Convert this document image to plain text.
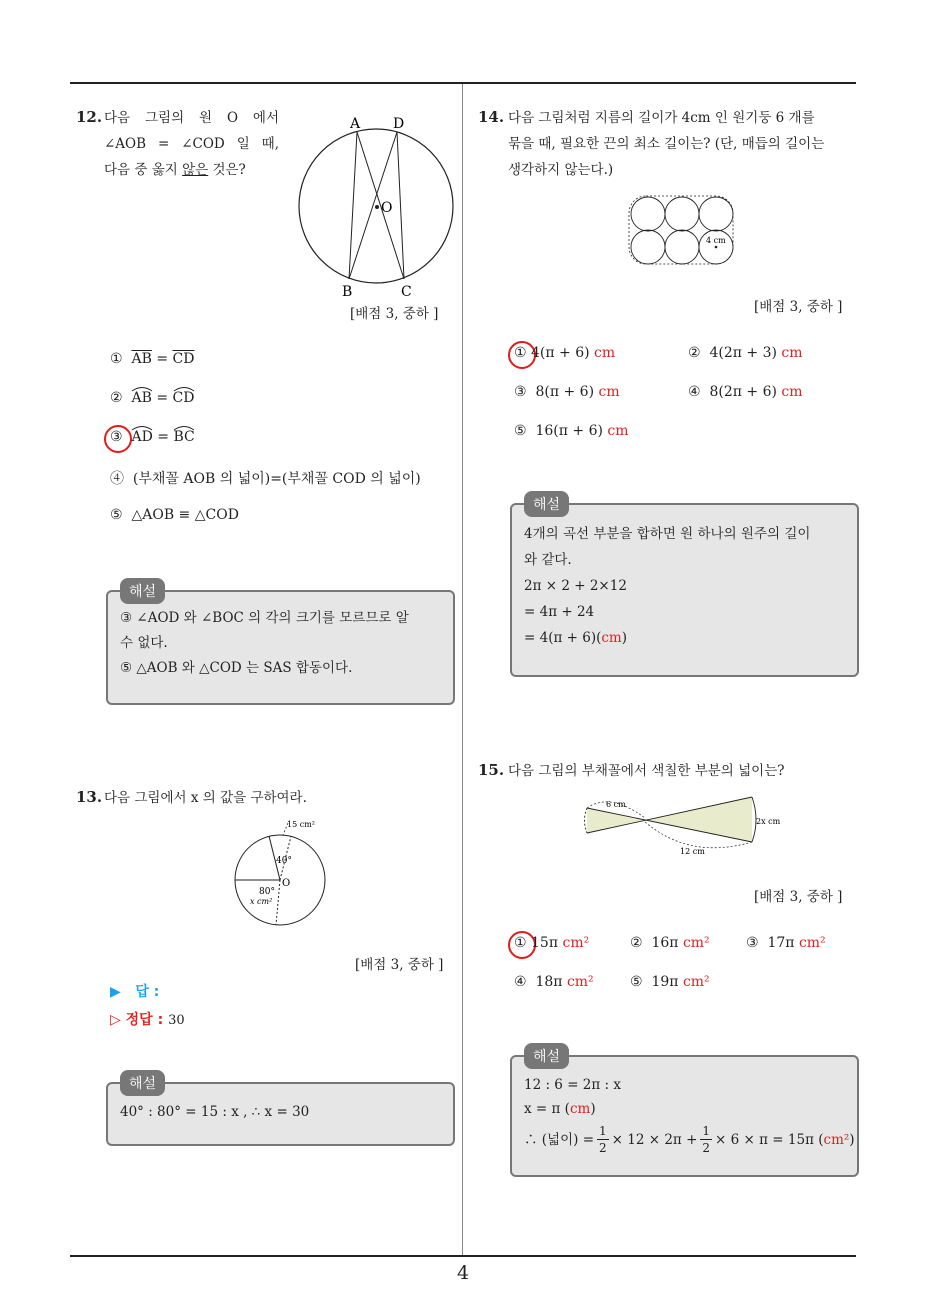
4
12. 다음 그림의 원 O 에서
∠AOB = ∠COD 일 때,
다음 중 옳지 않은 것은?
A D
O
B	C
[배점 3, 중하 ]
① $\overline{AB} = \overline{CD}$
② AB
= CD
③ AD
= BC
④ (부채꼴 AOB 의 넓이)=(부채꼴 COD 의 넓이)
⑤ △AOB ≡ △COD
해설
③ ∠AOD 와 ∠BOC 의 각의 크기를 모르므로 알
수 없다.
⑤ △AOB 와 △COD 는 SAS 합동이다.
13. 다음 그림에서 x 의 값을 구하여라.
15 cm²
40°
80°
x cm²
O
[배점 3, 중하 ]
▶ 답 :
▷ 정답 : 30
해설
40° : 80° = 15 : x , ∴ x = 30
14. 다음 그림처럼 지름의 길이가 4cm 인 원기둥 6 개를
묶을 때, 필요한 끈의 최소 길이는? (단, 매듭의 길이는
생각하지 않는다.)
4 cm
[배점 3, 중하 ]
① 4(π + 6) cm	② 4(2π + 3) cm
③ 8(π + 6) cm	④ 8(2π + 6) cm
⑤ 16(π + 6) cm
해설
4개의 곡선 부분을 합하면 원 하나의 원주의 길이
와 같다.
2π × 2 + 2×12
= 4π + 24
= 4(π + 6)(cm)
15. 다음 그림의 부채꼴에서 색칠한 부분의 넓이는?
6 cm
2x cm
12 cm
[배점 3, 중하 ]
① 15π cm²	② 16π cm²	③ 17π cm²
④ 18π cm²	⑤ 19π cm²
해설
12 : 6 = 2π : x
x = π (cm)
∴ (넓이) = $\frac{1}{2} \times 12 \times 2\pi + \frac{1}{2} \times 6 \times \pi = 15\pi$ ( cm² )
